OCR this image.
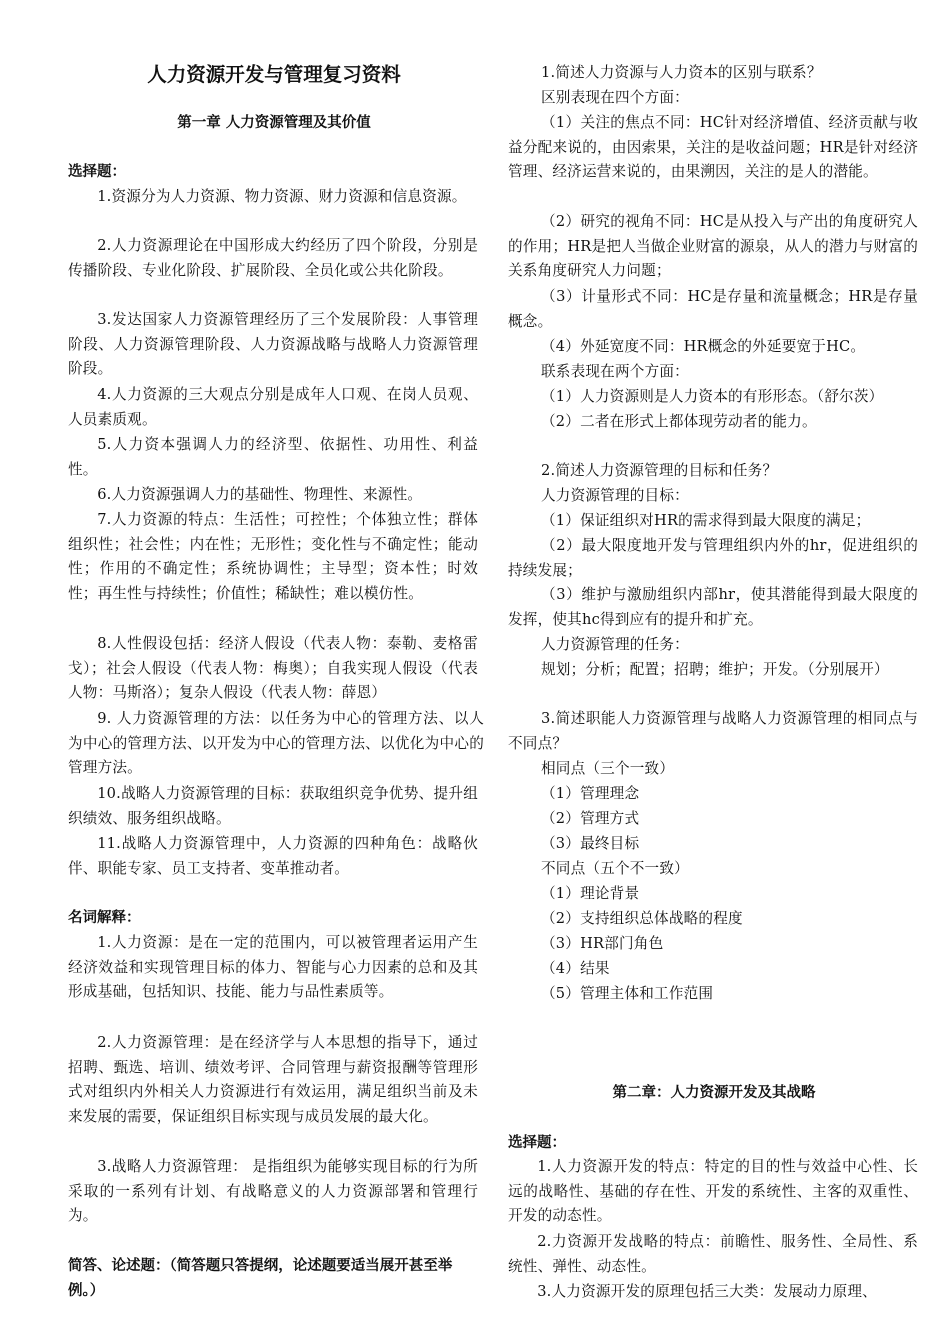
人力资源开发与管理复习资料
第一章 人力资源管理及其价值
选择题：
1.资源分为人力资源、物力资源、财力资源和信息资源。
2.人力资源理论在中国形成大约经历了四个阶段，分别是传播阶段、专业化阶段、扩展阶段、全员化或公共化阶段。
3.发达国家人力资源管理经历了三个发展阶段：人事管理阶段、人力资源管理阶段、人力资源战略与战略人力资源管理阶段。
4.人力资源的三大观点分别是成年人口观、在岗人员观、人员素质观。
5.人力资本强调人力的经济型、依据性、功用性、利益性。
6.人力资源强调人力的基础性、物理性、来源性。
7.人力资源的特点：生活性；可控性；个体独立性；群体组织性；社会性；内在性；无形性；变化性与不确定性；能动性；作用的不确定性；系统协调性；主导型；资本性；时效性；再生性与持续性；价值性；稀缺性；难以模仿性。
8.人性假设包括：经济人假设（代表人物：泰勒、麦格雷戈）；社会人假设（代表人物：梅奥）；自我实现人假设（代表人物：马斯洛）；复杂人假设（代表人物：薛恩）
9. 人力资源管理的方法：以任务为中心的管理方法、以人为中心的管理方法、以开发为中心的管理方法、以优化为中心的管理方法。
10.战略人力资源管理的目标：获取组织竞争优势、提升组织绩效、服务组织战略。
11.战略人力资源管理中，人力资源的四种角色：战略伙伴、职能专家、员工支持者、变革推动者。
名词解释：
1.人力资源：是在一定的范围内，可以被管理者运用产生经济效益和实现管理目标的体力、智能与心力因素的总和及其形成基础，包括知识、技能、能力与品性素质等。
2.人力资源管理：是在经济学与人本思想的指导下，通过招聘、甄选、培训、绩效考评、合同管理与薪资报酬等管理形式对组织内外相关人力资源进行有效运用，满足组织当前及未来发展的需要，保证组织目标实现与成员发展的最大化。
3.战略人力资源管理： 是指组织为能够实现目标的行为所采取的一系列有计划、有战略意义的人力资源部署和管理行为。
简答、论述题：（简答题只答提纲，论述题要适当展开甚至举例。）
1.简述人力资源与人力资本的区别与联系？
区别表现在四个方面：
（1）关注的焦点不同：HC针对经济增值、经济贡献与收益分配来说的，由因索果，关注的是收益问题；HR是针对经济管理、经济运营来说的，由果溯因，关注的是人的潜能。
（2）研究的视角不同：HC是从投入与产出的角度研究人的作用；HR是把人当做企业财富的源泉，从人的潜力与财富的关系角度研究人力问题；
（3）计量形式不同：HC是存量和流量概念；HR是存量概念。
（4）外延宽度不同：HR概念的外延要宽于HC。
联系表现在两个方面：
（1）人力资源则是人力资本的有形形态。（舒尔茨）
（2）二者在形式上都体现劳动者的能力。
2.简述人力资源管理的目标和任务？
人力资源管理的目标：
（1）保证组织对HR的需求得到最大限度的满足；
（2）最大限度地开发与管理组织内外的hr，促进组织的持续发展；
（3）维护与激励组织内部hr，使其潜能得到最大限度的发挥，使其hc得到应有的提升和扩充。
人力资源管理的任务：
规划；分析；配置；招聘；维护；开发。（分别展开）
3.简述职能人力资源管理与战略人力资源管理的相同点与不同点？
相同点（三个一致）
（1）管理理念
（2）管理方式
（3）最终目标
不同点（五个不一致）
（1）理论背景
（2）支持组织总体战略的程度
（3）HR部门角色
（4）结果
（5）管理主体和工作范围
第二章：人力资源开发及其战略
选择题：
1.人力资源开发的特点：特定的目的性与效益中心性、长远的战略性、基础的存在性、开发的系统性、主客的双重性、开发的动态性。
2.力资源开发战略的特点：前瞻性、服务性、全局性、系统性、弹性、动态性。
3.人力资源开发的原理包括三大类：发展动力原理、
